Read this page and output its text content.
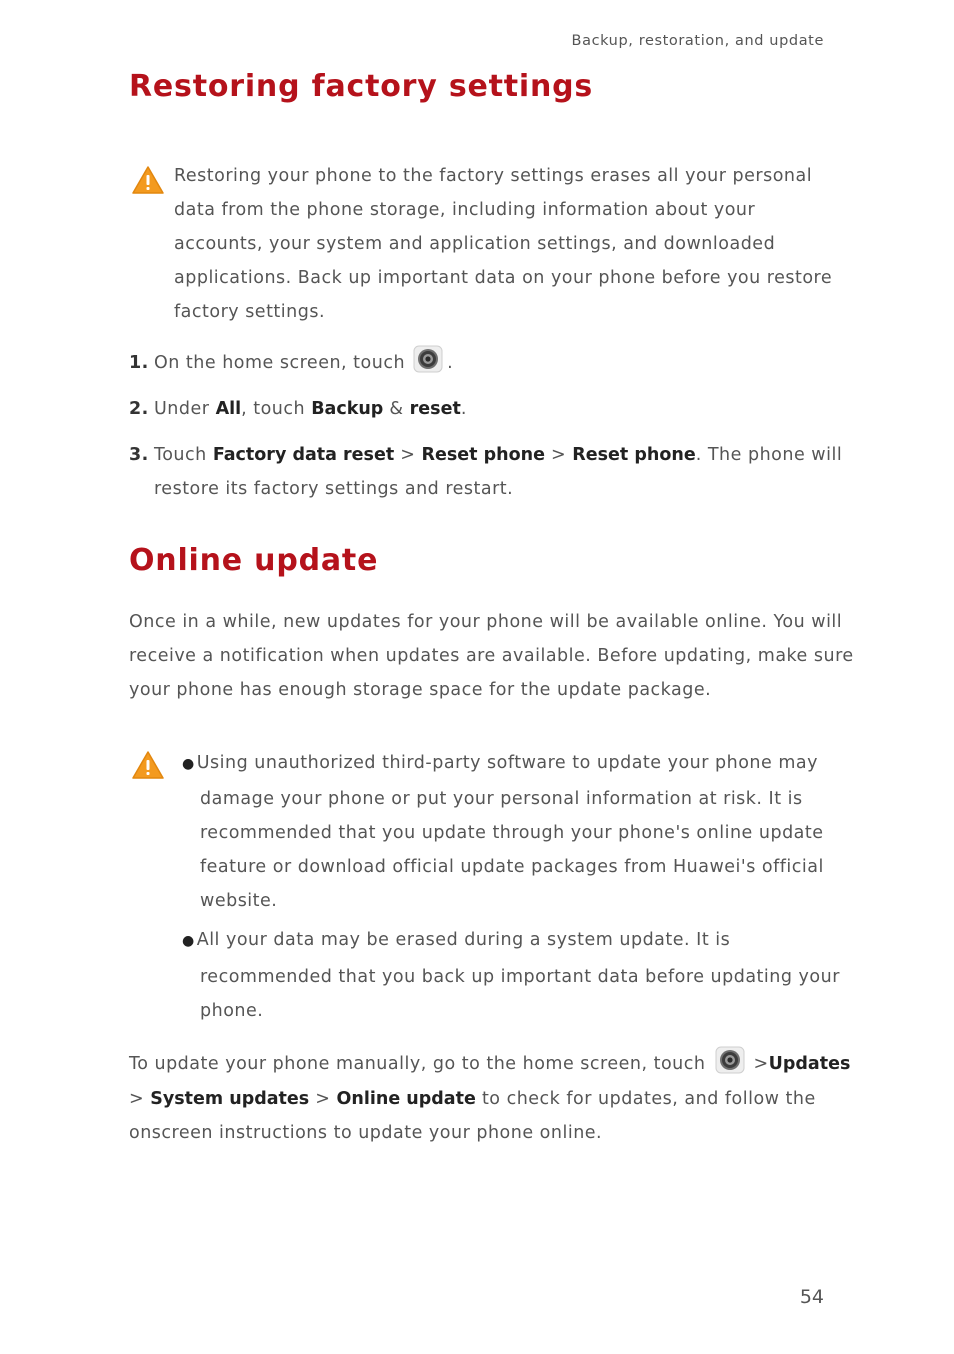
Backup, restoration, and update
Restoring factory settings
Restoring your phone to the factory settings erases all your personal
data from the phone storage, including information about your
accounts, your system and application settings, and downloaded
applications. Back up important data on your phone before you restore
factory settings.
1. On the home screen, touch .
2. Under All, touch Backup & reset.
3. Touch Factory data reset > Reset phone > Reset phone. The phone will
restore its factory settings and restart.
Online update
Once in a while, new updates for your phone will be available online. You will
receive a notification when updates are available. Before updating, make sure
your phone has enough storage space for the update package.
● Using unauthorized third-party software to update your phone may
damage your phone or put your personal information at risk. It is
recommended that you update through your phone's online update
feature or download official update packages from Huawei's official
website.
● All your data may be erased during a system update. It is
recommended that you back up important data before updating your
phone.
To update your phone manually, go to the home screen, touch	>Updates
> System updates > Online update to check for updates, and follow the
onscreen instructions to update your phone online.
54
